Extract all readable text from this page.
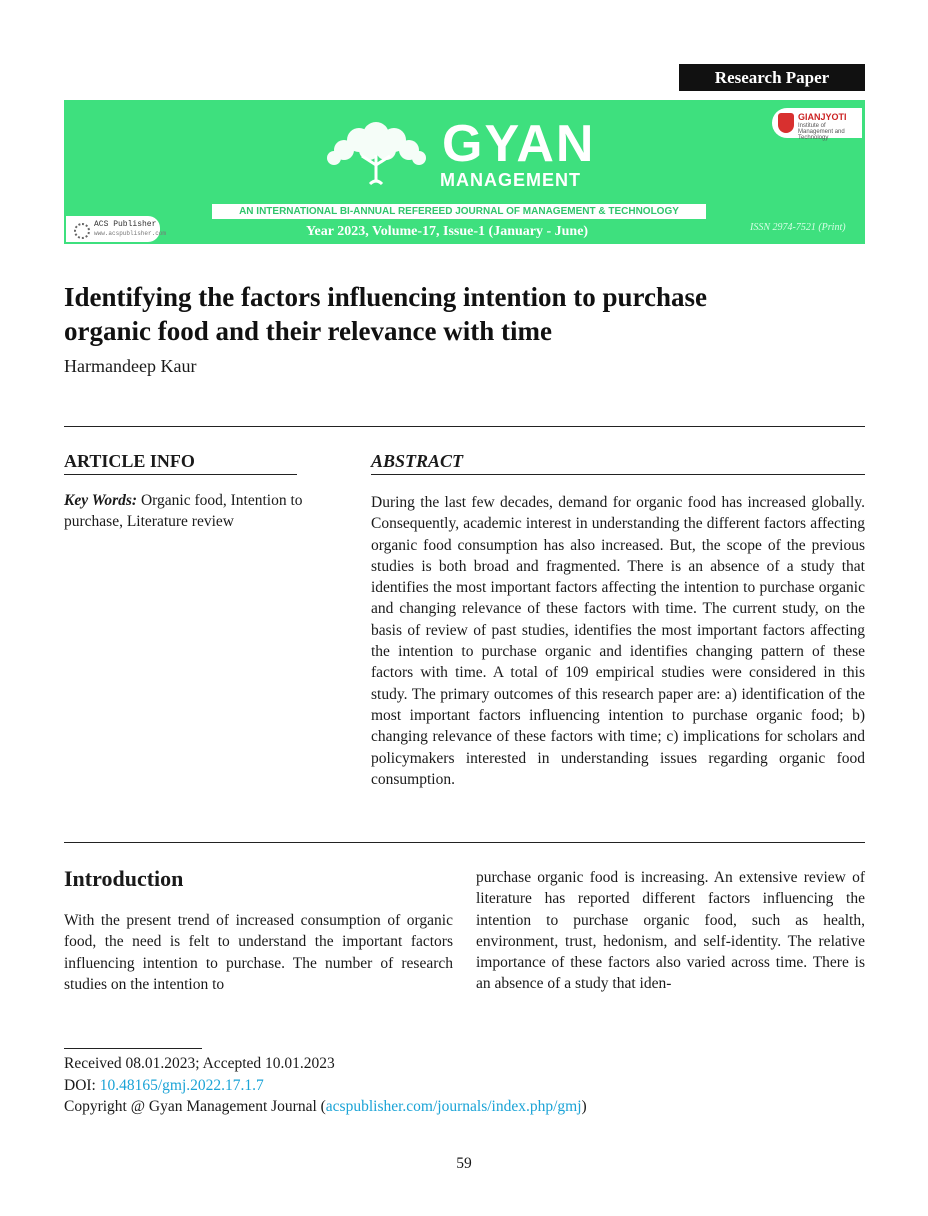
Research Paper
GYAN
MANAGEMENT
AN INTERNATIONAL BI-ANNUAL REFEREED JOURNAL OF MANAGEMENT & TECHNOLOGY
Year 2023, Volume-17, Issue-1 (January - June)	ISSN 2974-7521 (Print)
ACS Publisher
www.acspublisher.com
GIANJYOTI
Institute of Management and Technology
Identifying the factors influencing intention to purchase
organic food and their relevance with time
Harmandeep Kaur
ARTICLE INFO
Key Words: Organic food, Intention to purchase, Literature review
ABSTRACT
During the last few decades, demand for organic food has increased globally. Consequently, academic interest in understanding the different factors affecting organic food consumption has also increased. But, the scope of the previous studies is both broad and fragmented. There is an absence of a study that identifies the most important factors affecting the intention to purchase organic and changing relevance of these factors with time. The current study, on the basis of review of past studies, identifies the most important factors affecting the intention to purchase organic and identifies changing pattern of these factors with time. A total of 109 empirical studies were considered in this study. The primary outcomes of this research paper are: a) identification of the most important factors influencing intention to purchase organic food; b) changing relevance of these factors with time; c) implications for scholars and policymakers interested in understanding issues regarding organic food consumption.
Introduction
With the present trend of increased consumption of organic food, the need is felt to understand the important factors influencing intention to purchase. The number of research studies on the intention to
purchase organic food is increasing. An extensive review of literature has reported different factors influencing the intention to purchase organic food, such as health, environment, trust, hedonism, and self-identity. The relative importance of these factors also varied across time. There is an absence of a study that iden-
Received 08.01.2023; Accepted 10.01.2023
DOI: 10.48165/gmj.2022.17.1.7
Copyright @ Gyan Management Journal (acspublisher.com/journals/index.php/gmj)
59
